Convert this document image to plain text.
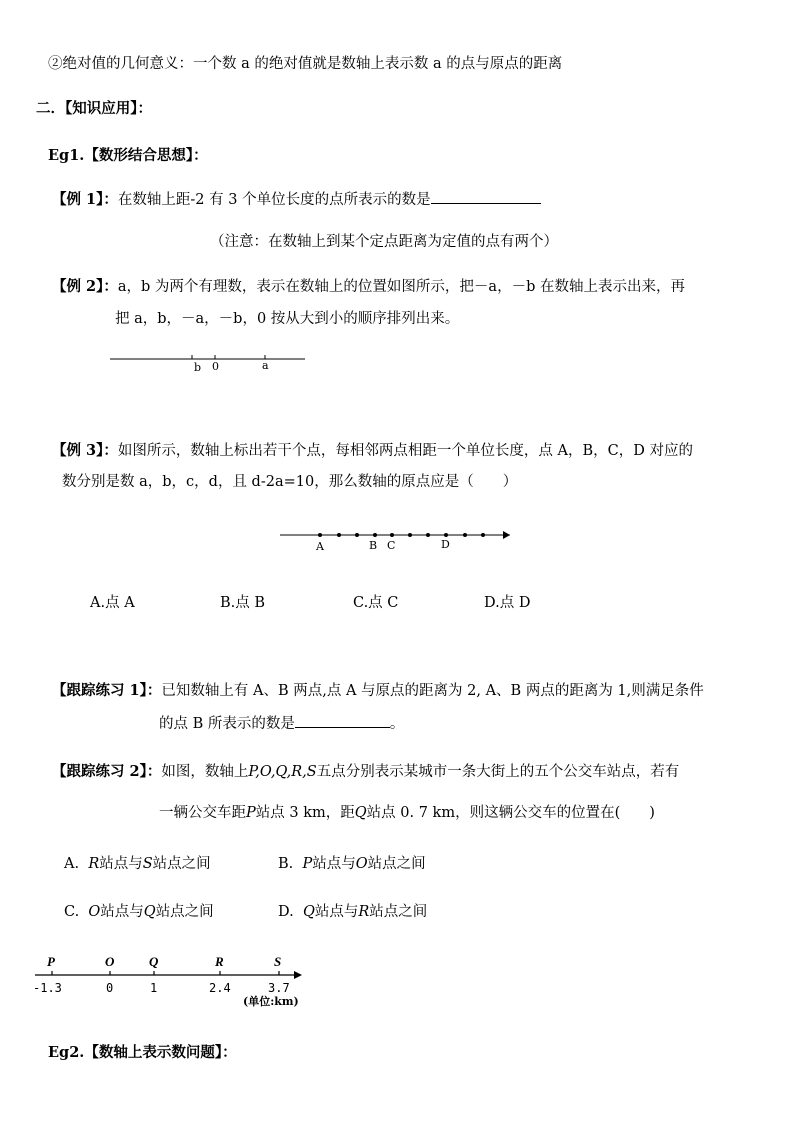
②绝对值的几何意义：一个数 a 的绝对值就是数轴上表示数 a 的点与原点的距离
二．【知识应用】：
Eg1.【数形结合思想】：
【例 1】：在数轴上距-2 有 3 个单位长度的点所表示的数是
（注意：在数轴上到某个定点距离为定值的点有两个）
【例 2】：a，b 为两个有理数，表示在数轴上的位置如图所示，把－a，－b 在数轴上表示出来，再
把 a，b，－a，－b，0 按从大到小的顺序排列出来。
b 0	a
【例 3】：如图所示，数轴上标出若干个点，每相邻两点相距一个单位长度，点 A，B，C，D 对应的
数分别是数 a，b，c，d，且 d-2a=10，那么数轴的原点应是（　　）
A	B C	D
A.点 A	B.点 B	C.点 C	D.点 D
【跟踪练习 1】：已知数轴上有 A、B 两点,点 A 与原点的距离为 2, A、B 两点的距离为 1,则满足条件
的点 B 所表示的数是	。
【跟踪练习 2】：如图，数轴上P,O,Q,R,S五点分别表示某城市一条大街上的五个公交车站点，若有
一辆公交车距P站点 3 km，距Q站点 0. 7 km，则这辆公交车的位置在(　　)
A. R站点与S站点之间	B. P站点与O站点之间
C. O站点与Q站点之间	D. Q站点与R站点之间
P	O	Q	R	S
-1.3	0	1	2.4	3.7
(单位:km)
Eg2.【数轴上表示数问题】：
